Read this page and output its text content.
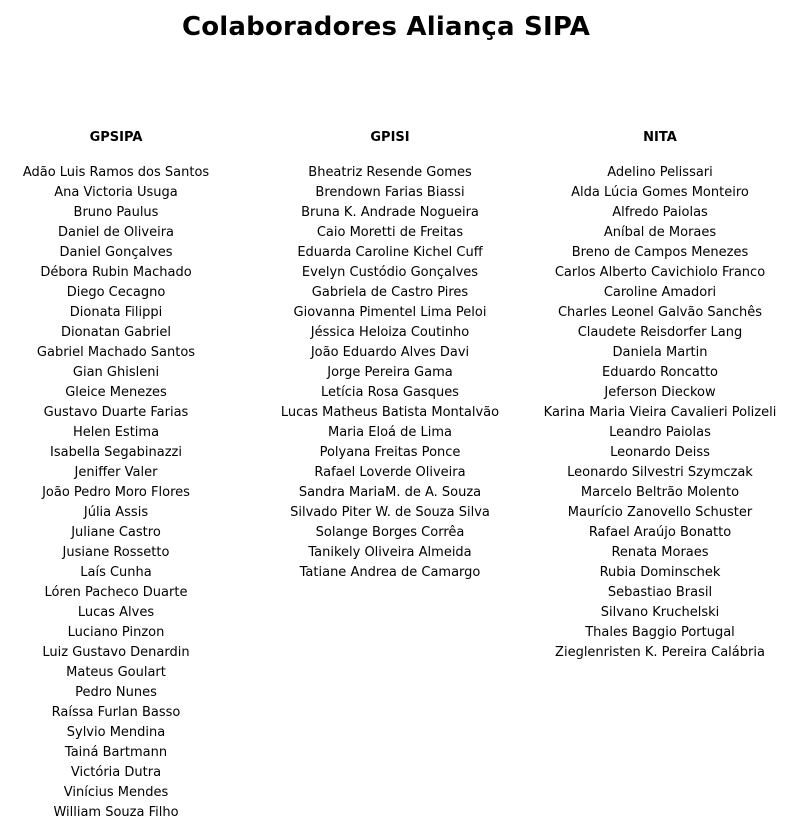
Colaboradores Aliança SIPA
GPSIPA
Adão Luis Ramos dos Santos
Ana Victoria Usuga
Bruno Paulus
Daniel de Oliveira
Daniel Gonçalves
Débora Rubin Machado
Diego Cecagno
Dionata Filippi
Dionatan Gabriel
Gabriel Machado Santos
Gian Ghisleni
Gleice Menezes
Gustavo Duarte Farias
Helen Estima
Isabella Segabinazzi
Jeniffer Valer
João Pedro Moro Flores
Júlia Assis
Juliane Castro
Jusiane Rossetto
Laís Cunha
Lóren Pacheco Duarte
Lucas Alves
Luciano Pinzon
Luiz Gustavo Denardin
Mateus Goulart
Pedro Nunes
Raíssa Furlan Basso
Sylvio Mendina
Tainá Bartmann
Victória Dutra
Vinícius Mendes
William Souza Filho
GPISI
Bheatriz Resende Gomes
Brendown Farias Biassi
Bruna K. Andrade Nogueira
Caio Moretti de Freitas
Eduarda Caroline Kichel Cuff
Evelyn Custódio Gonçalves
Gabriela de Castro Pires
Giovanna Pimentel Lima Peloi
Jéssica Heloiza Coutinho
João Eduardo Alves Davi
Jorge Pereira Gama
Letícia Rosa Gasques
Lucas Matheus Batista Montalvão
Maria Eloá de Lima
Polyana Freitas Ponce
Rafael Loverde Oliveira
Sandra MariaM. de A. Souza
Silvado Piter W. de Souza Silva
Solange Borges Corrêa
Tanikely Oliveira Almeida
Tatiane Andrea de Camargo
NITA
Adelino Pelissari
Alda Lúcia Gomes Monteiro
Alfredo Paiolas
Aníbal de Moraes
Breno de Campos Menezes
Carlos Alberto Cavichiolo Franco
Caroline Amadori
Charles Leonel Galvão Sanchês
Claudete Reisdorfer Lang
Daniela Martin
Eduardo Roncatto
Jeferson Dieckow
Karina Maria Vieira Cavalieri Polizeli
Leandro Paiolas
Leonardo Deiss
Leonardo Silvestri Szymczak
Marcelo Beltrão Molento
Maurício Zanovello Schuster
Rafael Araújo Bonatto
Renata Moraes
Rubia Dominschek
Sebastiao Brasil
Silvano Kruchelski
Thales Baggio Portugal
Zieglenristen K. Pereira Calábria
